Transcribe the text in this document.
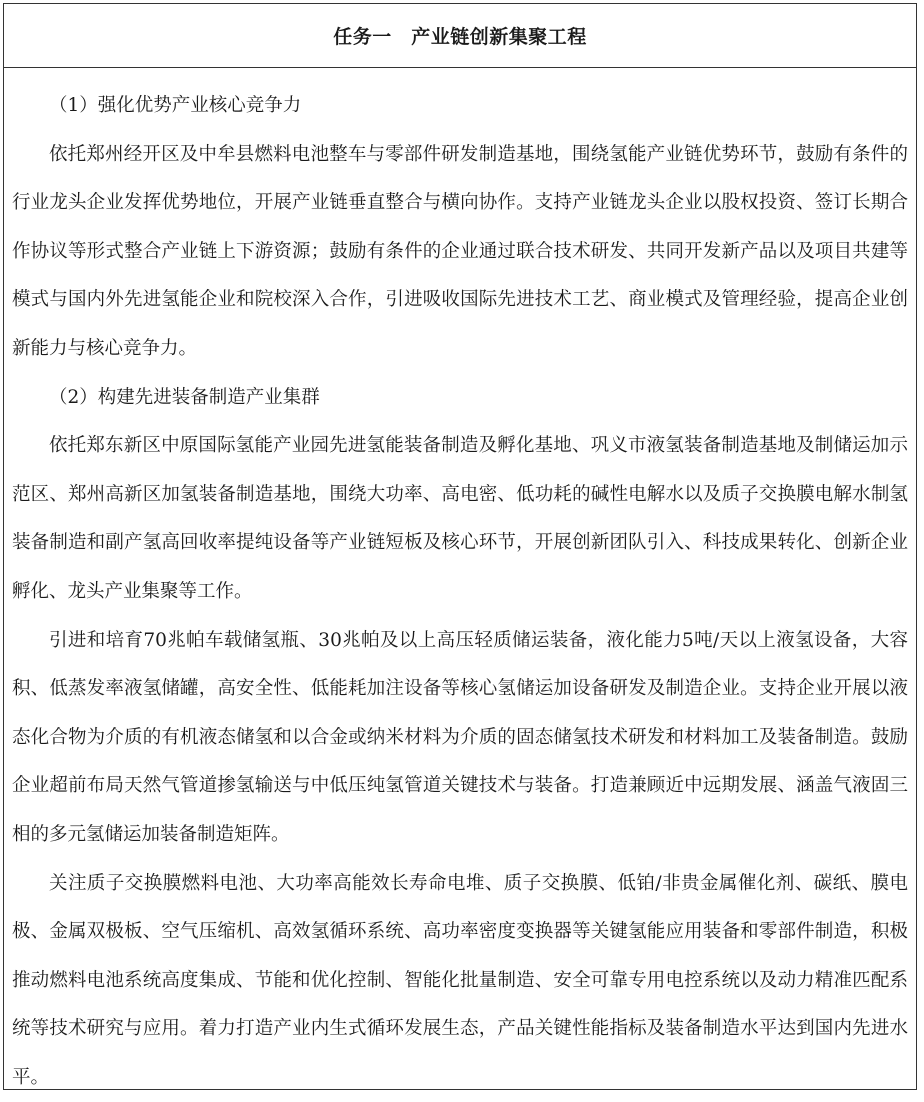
任务一　产业链创新集聚工程

（1）强化优势产业核心竞争力

依托郑州经开区及中牟县燃料电池整车与零部件研发制造基地，围绕氢能产业链优势环节，鼓励有条件的行业龙头企业发挥优势地位，开展产业链垂直整合与横向协作。支持产业链龙头企业以股权投资、签订长期合作协议等形式整合产业链上下游资源；鼓励有条件的企业通过联合技术研发、共同开发新产品以及项目共建等模式与国内外先进氢能企业和院校深入合作，引进吸收国际先进技术工艺、商业模式及管理经验，提高企业创新能力与核心竞争力。

（2）构建先进装备制造产业集群

依托郑东新区中原国际氢能产业园先进氢能装备制造及孵化基地、巩义市液氢装备制造基地及制储运加示范区、郑州高新区加氢装备制造基地，围绕大功率、高电密、低功耗的碱性电解水以及质子交换膜电解水制氢装备制造和副产氢高回收率提纯设备等产业链短板及核心环节，开展创新团队引入、科技成果转化、创新企业孵化、龙头产业集聚等工作。

引进和培育70兆帕车载储氢瓶、30兆帕及以上高压轻质储运装备，液化能力5吨/天以上液氢设备，大容积、低蒸发率液氢储罐，高安全性、低能耗加注设备等核心氢储运加设备研发及制造企业。支持企业开展以液态化合物为介质的有机液态储氢和以合金或纳米材料为介质的固态储氢技术研发和材料加工及装备制造。鼓励企业超前布局天然气管道掺氢输送与中低压纯氢管道关键技术与装备。打造兼顾近中远期发展、涵盖气液固三相的多元氢储运加装备制造矩阵。

关注质子交换膜燃料电池、大功率高能效长寿命电堆、质子交换膜、低铂/非贵金属催化剂、碳纸、膜电极、金属双极板、空气压缩机、高效氢循环系统、高功率密度变换器等关键氢能应用装备和零部件制造，积极推动燃料电池系统高度集成、节能和优化控制、智能化批量制造、安全可靠专用电控系统以及动力精准匹配系统等技术研究与应用。着力打造产业内生式循环发展生态，产品关键性能指标及装备制造水平达到国内先进水平。
